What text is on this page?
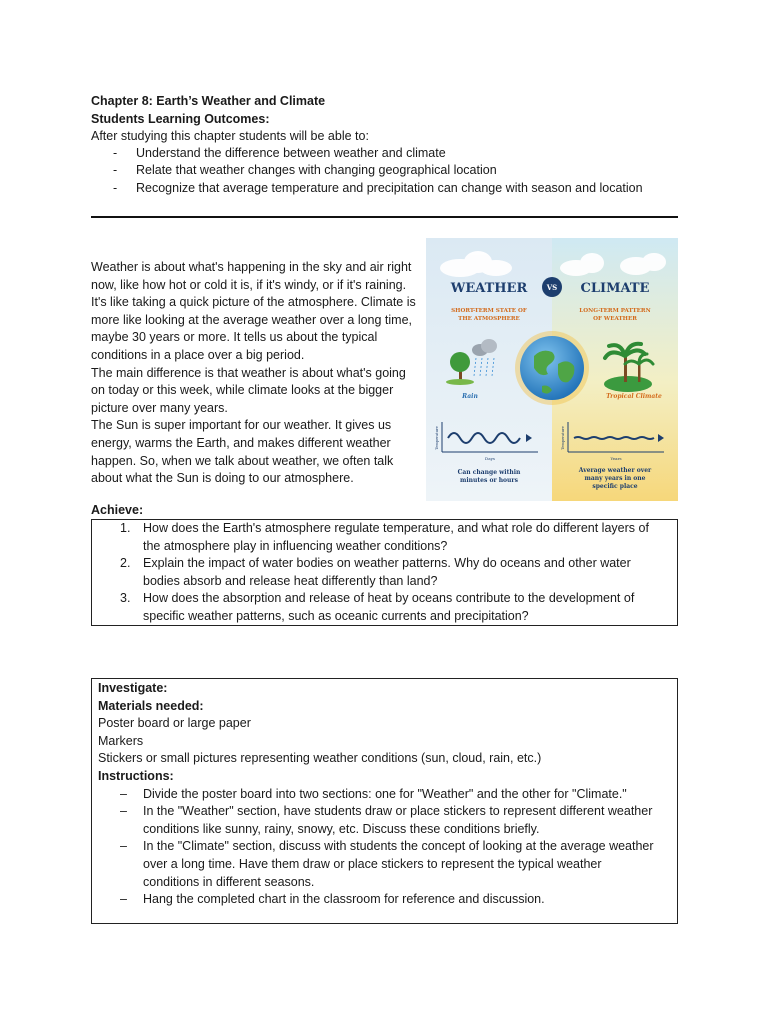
Chapter 8: Earth’s Weather and Climate
Students Learning Outcomes:
After studying this chapter students will be able to:
- Understand the difference between weather and climate
- Relate that weather changes with changing geographical location
- Recognize that average temperature and precipitation can change with season and location

Weather is about what's happening in the sky and air right now, like how hot or cold it is, if it's windy, or if it's raining. It's like taking a quick picture of the atmosphere. Climate is more like looking at the average weather over a long time, maybe 30 years or more. It tells us about the typical conditions in a place over a big period.

The main difference is that weather is about what's going on today or this week, while climate looks at the bigger picture over many years.

The Sun is super important for our weather. It gives us energy, warms the Earth, and makes different weather happen. So, when we talk about weather, we often talk about what the Sun is doing to our atmosphere.

WEATHER	VS CLIMATE
SHORT-TERM STATE OF
THE ATMOSPHERE
LONG-TERM PATTERN
OF WEATHER
Rain	Tropical Climate
Temperature
Days
Temperature
Years
Can change within
minutes or hours
Average weather over
many years in one
specific place
Achieve:
1. How does the Earth's atmosphere regulate temperature, and what role do different layers of
the atmosphere play in influencing weather conditions?
2. Explain the impact of water bodies on weather patterns. Why do oceans and other water
bodies absorb and release heat differently than land?
3. How does the absorption and release of heat by oceans contribute to the development of
specific weather patterns, such as oceanic currents and precipitation?
Investigate:
Materials needed:
Poster board or large paper
Markers
Stickers or small pictures representing weather conditions (sun, cloud, rain, etc.)
Instructions:
– Divide the poster board into two sections: one for "Weather" and the other for "Climate."
– In the "Weather" section, have students draw or place stickers to represent different weather
conditions like sunny, rainy, snowy, etc. Discuss these conditions briefly.
– In the "Climate" section, discuss with students the concept of looking at the average weather
over a long time. Have them draw or place stickers to represent the typical weather
conditions in different seasons.
– Hang the completed chart in the classroom for reference and discussion.
